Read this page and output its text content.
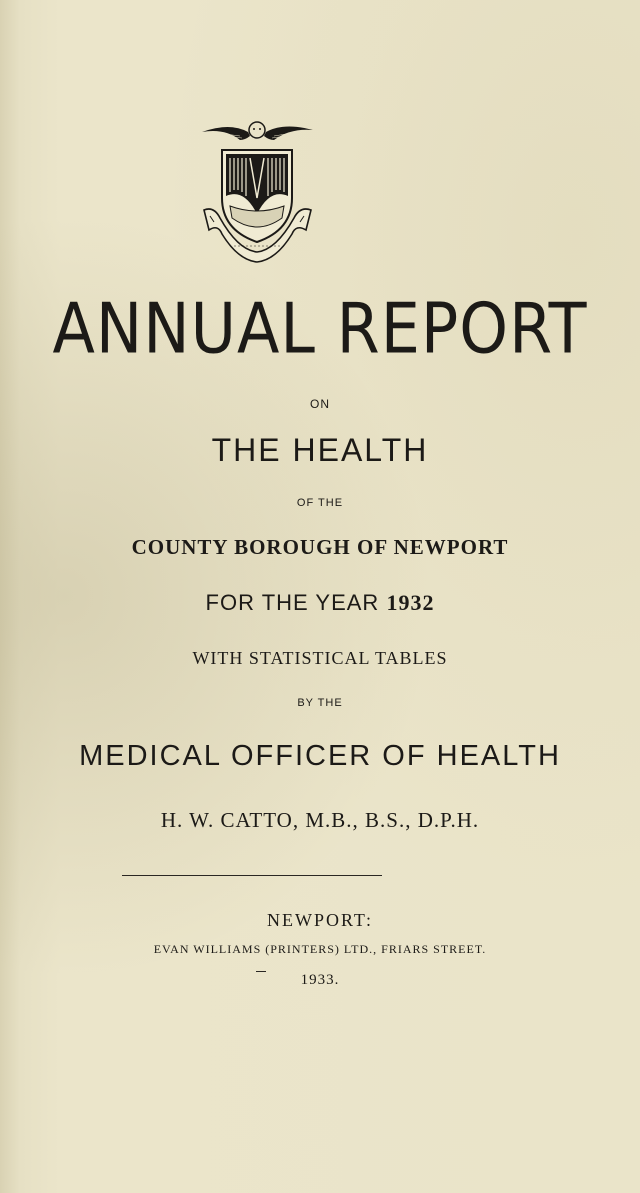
ANNUAL REPORT
ON
THE HEALTH
OF THE
COUNTY BOROUGH OF NEWPORT
FOR THE YEAR 1932
WITH STATISTICAL TABLES
BY THE
MEDICAL OFFICER OF HEALTH
H. W. CATTO, M.B., B.S., D.P.H.
NEWPORT:
EVAN WILLIAMS (PRINTERS) LTD., FRIARS STREET.
1933.
